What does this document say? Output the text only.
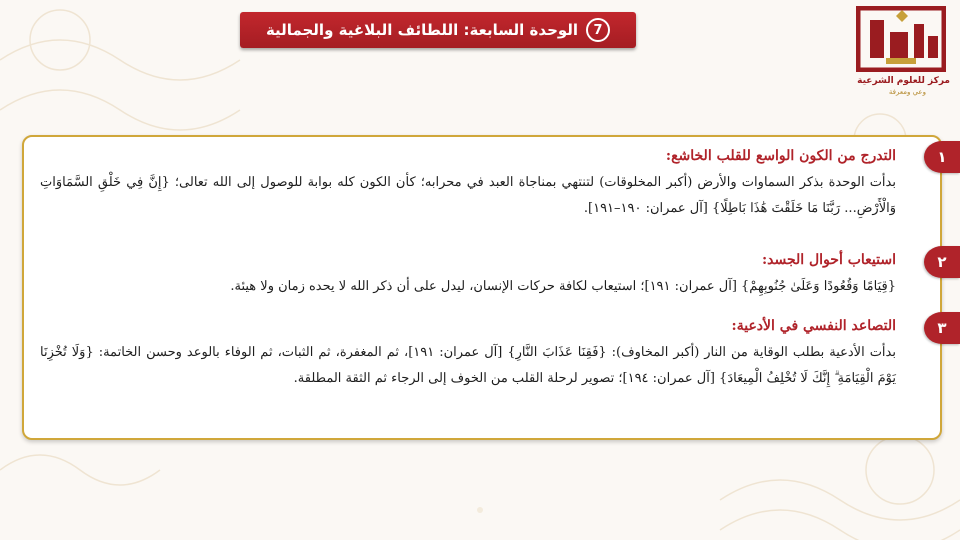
7
الوحدة السابعة: اللطائف البلاغية والجمالية
مركز للعلوم الشرعية
وعي ومعرفة
١
٢
٣
التدرج من الكون الواسع للقلب الخاشع:
بدأت الوحدة بذكر السماوات والأرض (أكبر المخلوقات) لتنتهي بمناجاة العبد في محرابه؛ كأن الكون كله بوابة للوصول إلى الله تعالى؛ {إِنَّ فِي خَلْقِ السَّمَاوَاتِ وَالْأَرْضِ... رَبَّنَا مَا خَلَقْتَ هَٰذَا بَاطِلًا} [آل عمران: ١٩٠–١٩١].
استيعاب أحوال الجسد:
{قِيَامًا وَقُعُودًا وَعَلَىٰ جُنُوبِهِمْ} [آل عمران: ١٩١]؛ استيعاب لكافة حركات الإنسان، ليدل على أن ذكر الله لا يحده زمان ولا هيئة.
التصاعد النفسي في الأدعية:
بدأت الأدعية بطلب الوقاية من النار (أكبر المخاوف): {فَقِنَا عَذَابَ النَّارِ} [آل عمران: ١٩١]، ثم المغفرة، ثم الثبات، ثم الوفاء بالوعد وحسن الخاتمة: {وَلَا تُخْزِنَا يَوْمَ الْقِيَامَةِ ۗ إِنَّكَ لَا تُخْلِفُ الْمِيعَادَ} [آل عمران: ١٩٤]؛ تصوير لرحلة القلب من الخوف إلى الرجاء ثم الثقة المطلقة.
